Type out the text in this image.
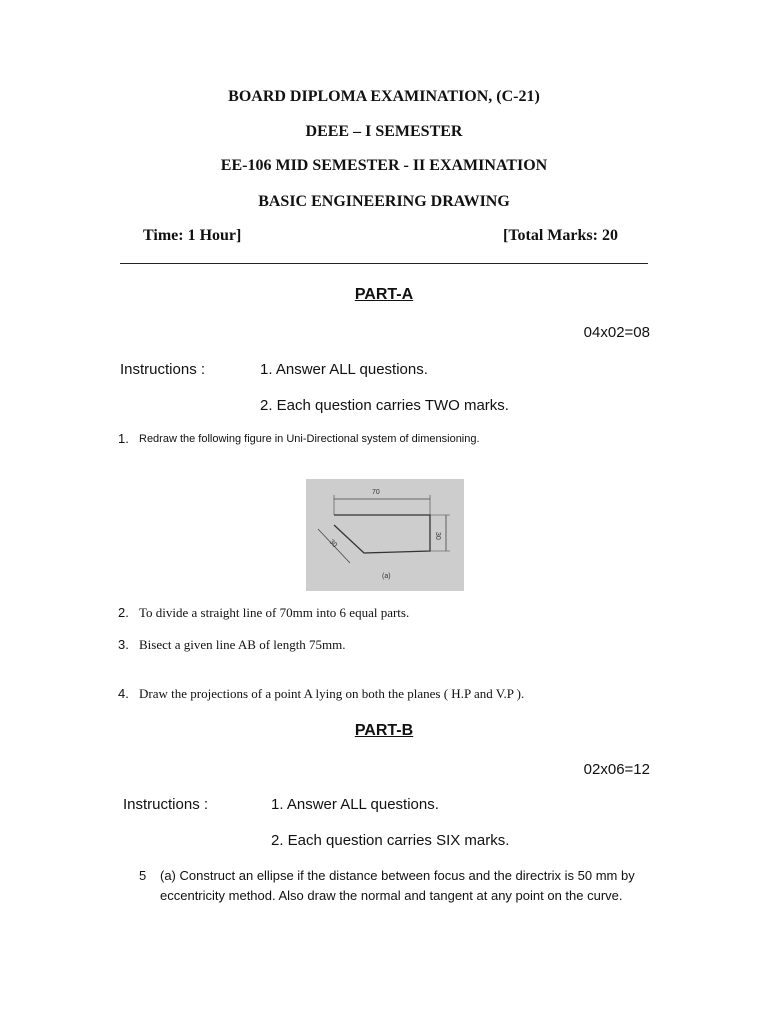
BOARD DIPLOMA EXAMINATION, (C-21)
DEEE – I SEMESTER
EE-106 MID SEMESTER - II EXAMINATION
BASIC ENGINEERING DRAWING
Time: 1 Hour]	[Total Marks: 20
PART-A
04x02=08
Instructions :	1. Answer ALL questions.
2. Each question carries TWO marks.
1. Redraw the following figure in Uni-Directional system of dimensioning.
70
30
30
(a)
2. To divide a straight line of 70mm into 6 equal parts.
3. Bisect a given line AB of length 75mm.
4. Draw the projections of a point A lying on both the planes ( H.P and V.P ).
PART-B
02x06=12
Instructions :	1. Answer ALL questions.
2. Each question carries SIX marks.
5 (a) Construct an ellipse if the distance between focus and the directrix is 50 mm by
eccentricity method. Also draw the normal and tangent at any point on the curve.
